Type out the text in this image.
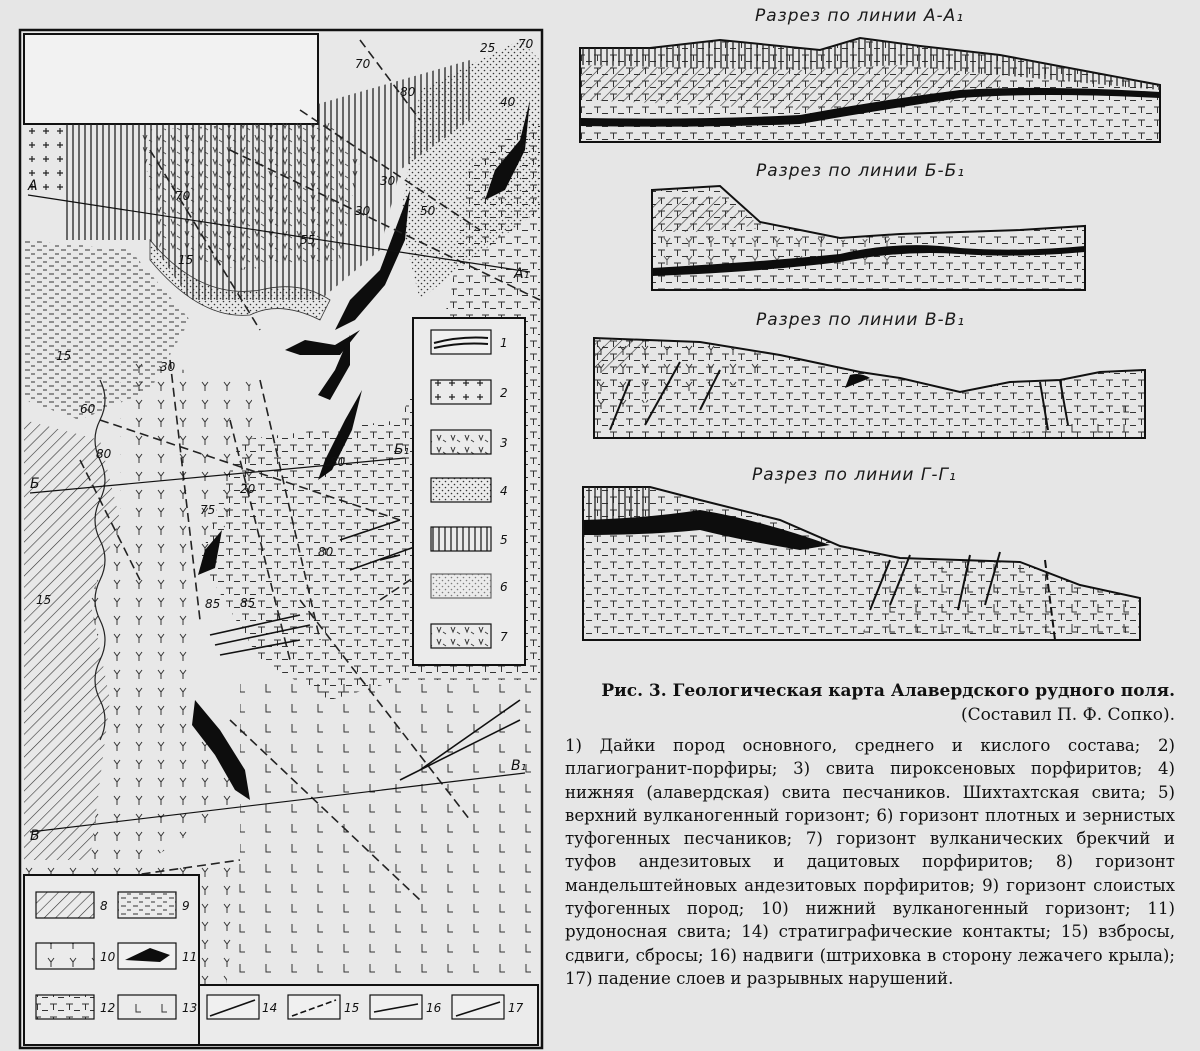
А
А₁
Б
Б₁
В
В₁
70
25
70
80
40
30	50
30
55
15
70
30
60
80
80
20
75
85 85
80
15
15
1
2
3
4
5
6
7
8	9
10	11
12	13	14	15	16	17

Разрез по линии А-А₁

Разрез по линии Б-Б₁

Разрез по линии В-В₁

Разрез по линии Г-Г₁

Рис. 3. Геологическая карта Алавердского рудного поля.

(Составил П. Ф. Сопко).

1) Дайки пород основного, среднего и кислого состава; 2) плагиогранит-порфиры; 3) свита пироксеновых порфиритов; 4) нижняя (алавердская) свита песчаников. Шихтахтская свита; 5) верхний вулканогенный горизонт; 6) горизонт плотных и зернистых туфогенных песчаников; 7) горизонт вулканических брекчий и туфов андезитовых и дацитовых порфиритов; 8) горизонт мандельштейновых андезитовых порфиритов; 9) горизонт слоистых туфогенных пород; 10) нижний вулканогенный горизонт; 11) рудоносная свита; 14) стратиграфические контакты; 15) взбросы, сдвиги, сбросы; 16) надвиги (штриховка в сторону лежачего крыла); 17) падение слоев и разрывных нарушений.
